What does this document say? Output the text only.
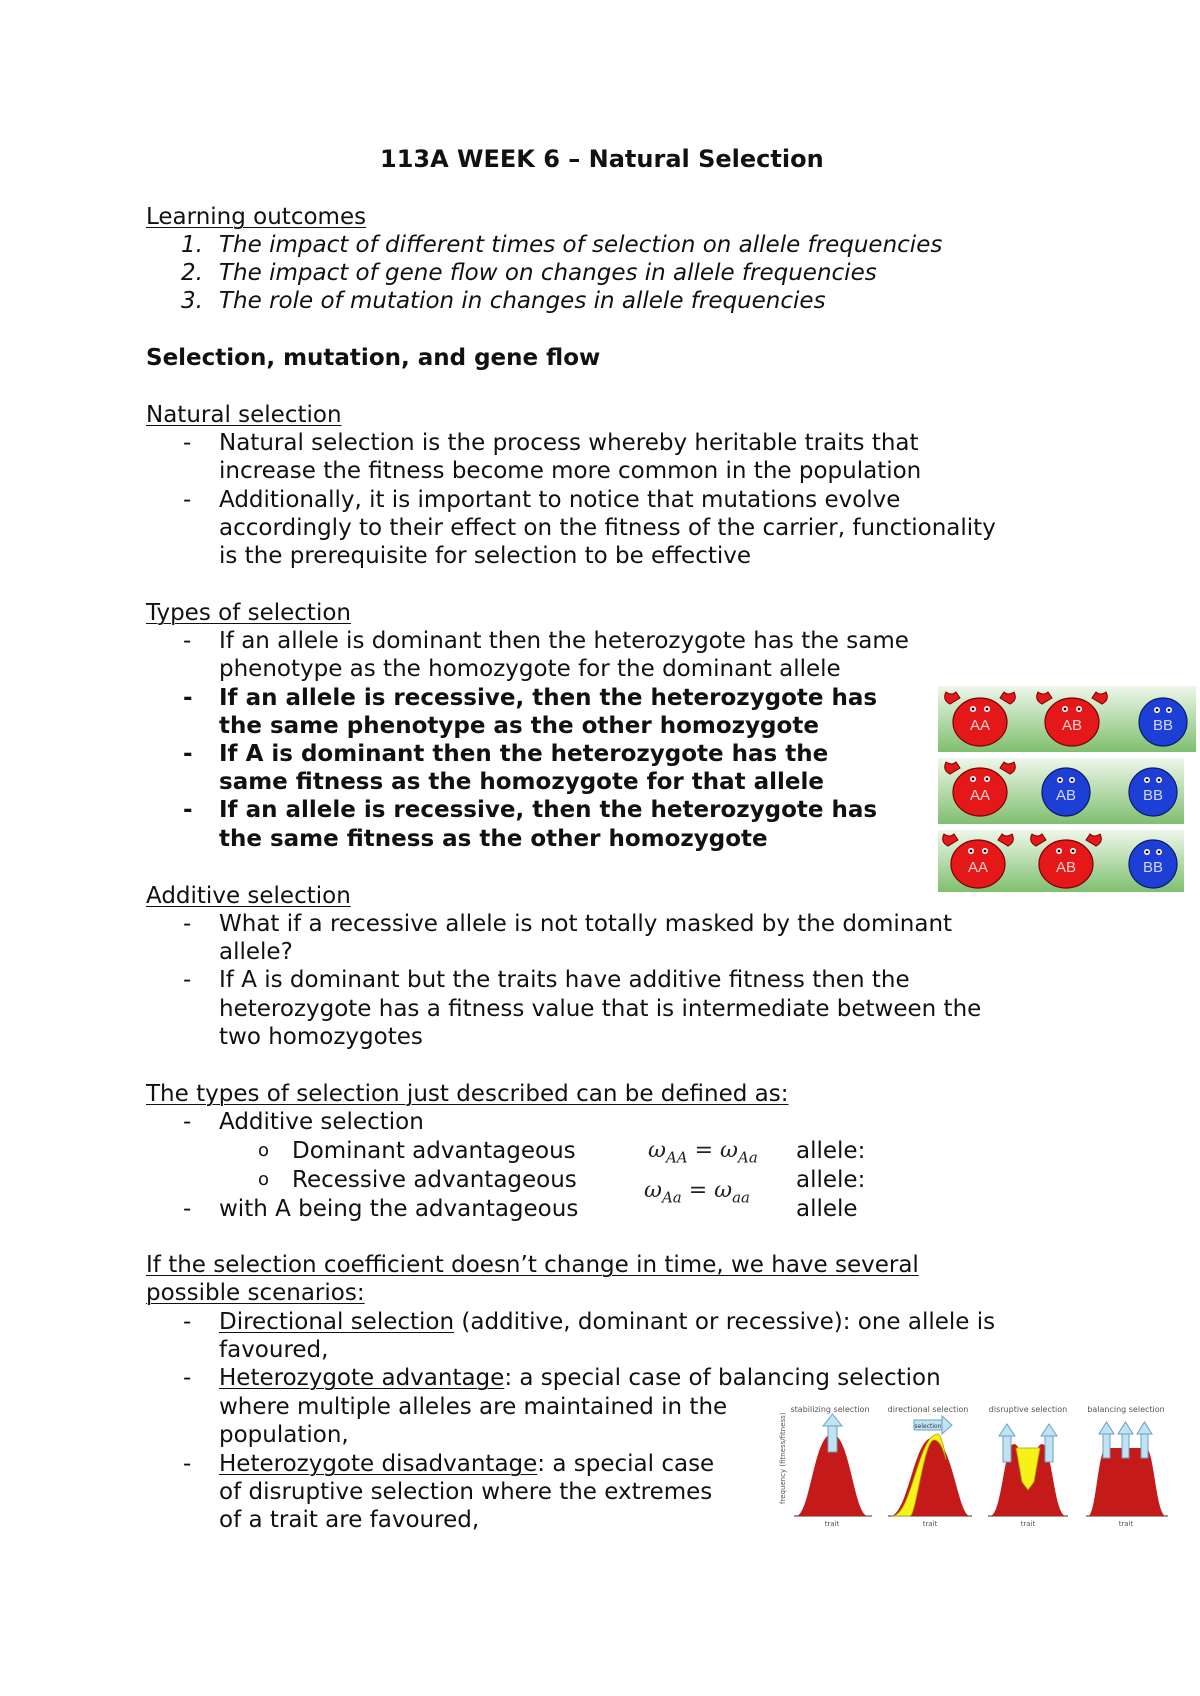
113A WEEK 6 – Natural Selection
Learning outcomes
1. The impact of different times of selection on allele frequencies
2. The impact of gene flow on changes in allele frequencies
3. The role of mutation in changes in allele frequencies
Selection, mutation, and gene flow
Natural selection
- Natural selection is the process whereby heritable traits that
increase the fitness become more common in the population
- Additionally, it is important to notice that mutations evolve
accordingly to their effect on the fitness of the carrier, functionality
is the prerequisite for selection to be effective
Types of selection
- If an allele is dominant then the heterozygote has the same
phenotype as the homozygote for the dominant allele
- If an allele is recessive, then the heterozygote has
the same phenotype as the other homozygote
- If A is dominant then the heterozygote has the
same fitness as the homozygote for that allele
- If an allele is recessive, then the heterozygote has
the same fitness as the other homozygote
AA	AB	BB
AA	AB	BB
AA	AB	BB
Additive selection
- What if a recessive allele is not totally masked by the dominant
allele?
- If A is dominant but the traits have additive fitness then the
heterozygote has a fitness value that is intermediate between the
two homozygotes
The types of selection just described can be defined as:
- Additive selection
o Dominant advantageous
o Recessive advantageous
- with A being the advantageous
$\omega_{AA} = \omega_{Aa}$
$\omega_{Aa} = \omega_{aa}$
allele:
allele:
allele
If the selection coefficient doesn’t change in time, we have several
possible scenarios:
- Directional selection (additive, dominant or recessive): one allele is
favoured,
- Heterozygote advantage: a special case of balancing selection
where multiple alleles are maintained in the
population,
- Heterozygote disadvantage: a special case
of disruptive selection where the extremes
of a trait are favoured,
frequency (fitness/fitness)
stabilizing selection
trait
directional selection
selection
trait
disruptive selection
trait
balancing selection
trait
